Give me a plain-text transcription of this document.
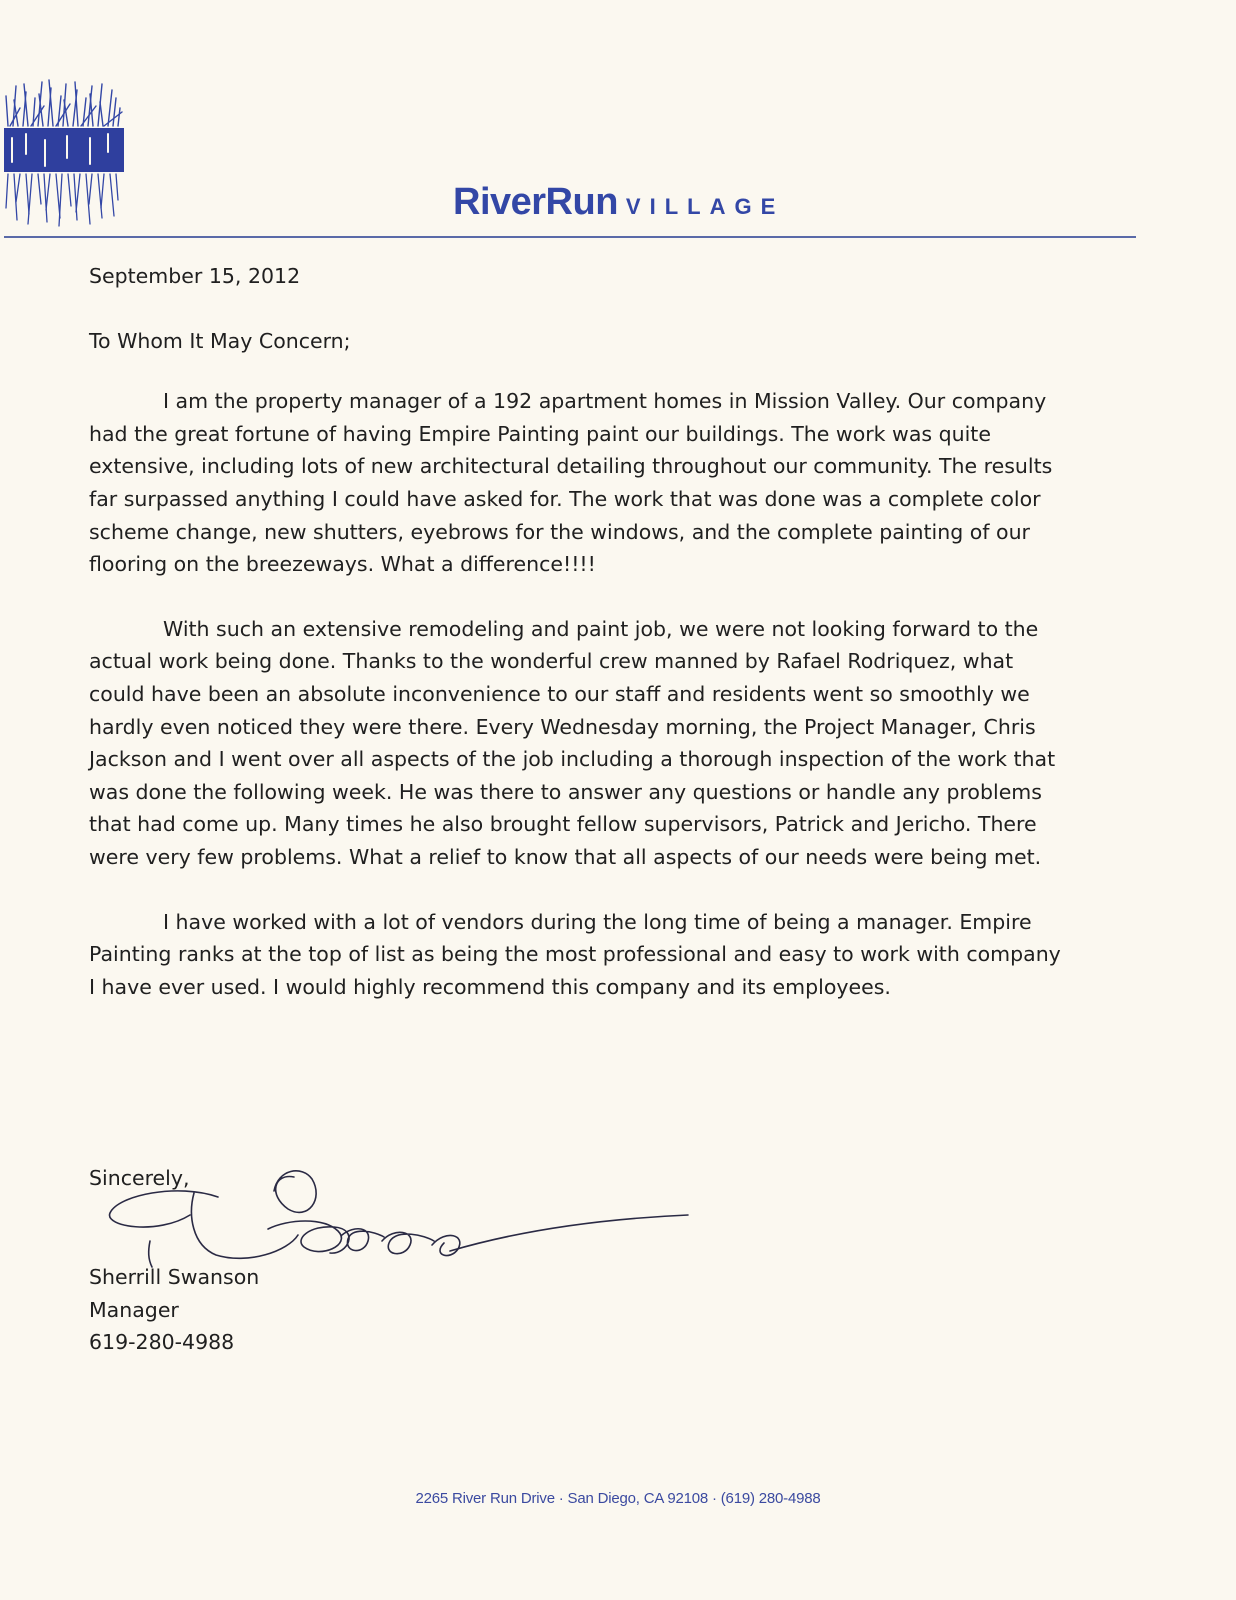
RiverRun VILLAGE

September 15, 2012

To Whom It May Concern;

I am the property manager of a 192 apartment homes in Mission Valley. Our company had the great fortune of having Empire Painting paint our buildings. The work was quite extensive, including lots of new architectural detailing throughout our community. The results far surpassed anything I could have asked for. The work that was done was a complete color scheme change, new shutters, eyebrows for the windows, and the complete painting of our flooring on the breezeways. What a difference!!!!

With such an extensive remodeling and paint job, we were not looking forward to the actual work being done. Thanks to the wonderful crew manned by Rafael Rodriquez, what could have been an absolute inconvenience to our staff and residents went so smoothly we hardly even noticed they were there. Every Wednesday morning, the Project Manager, Chris Jackson and I went over all aspects of the job including a thorough inspection of the work that was done the following week. He was there to answer any questions or handle any problems that had come up. Many times he also brought fellow supervisors, Patrick and Jericho. There were very few problems. What a relief to know that all aspects of our needs were being met.

I have worked with a lot of vendors during the long time of being a manager. Empire Painting ranks at the top of list as being the most professional and easy to work with company I have ever used. I would highly recommend this company and its employees.

Sincerely,
Sherrill Swanson
Manager
619-280-4988
2265 River Run Drive · San Diego, CA 92108 · (619) 280-4988
